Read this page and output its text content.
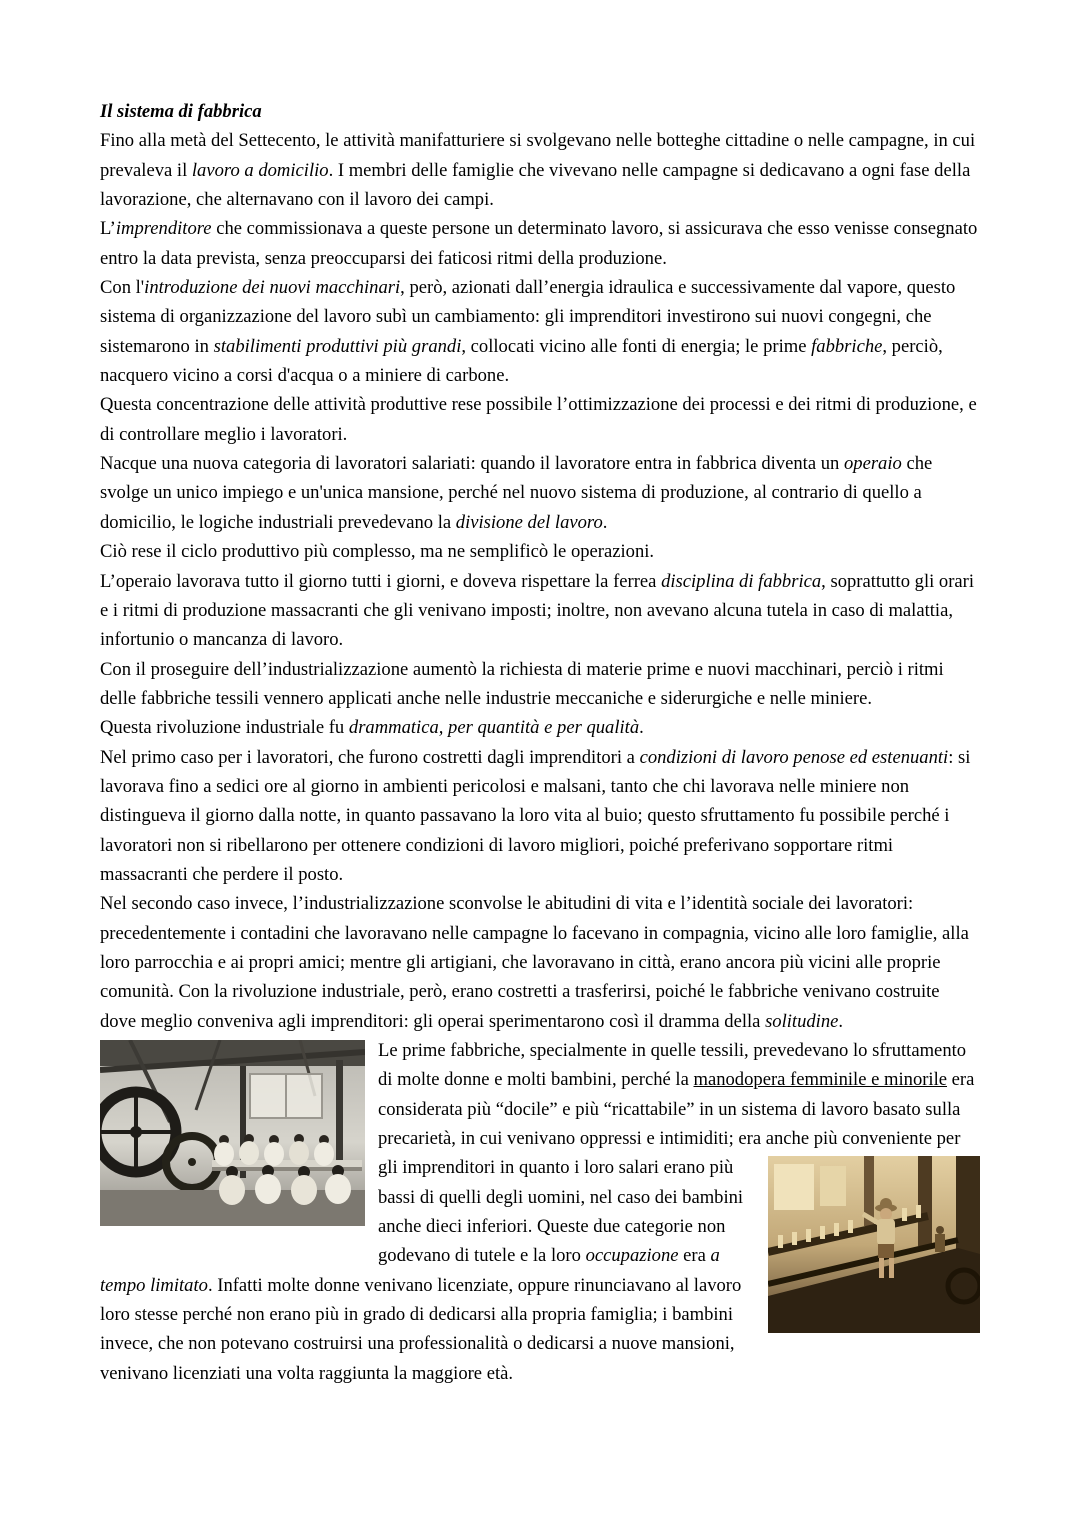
Il sistema di fabbrica

Fino alla metà del Settecento, le attività manifatturiere si svolgevano nelle botteghe cittadine o nelle campagne, in cui prevaleva il lavoro a domicilio. I membri delle famiglie che vivevano nelle campagne si dedicavano a ogni fase della lavorazione, che alternavano con il lavoro dei campi.

L’imprenditore che commissionava a queste persone un determinato lavoro, si assicurava che esso venisse consegnato entro la data prevista, senza preoccuparsi dei faticosi ritmi della produzione.

Con l'introduzione dei nuovi macchinari, però, azionati dall’energia idraulica e successivamente dal vapore, questo sistema di organizzazione del lavoro subì un cambiamento: gli imprenditori investirono sui nuovi congegni, che sistemarono in stabilimenti produttivi più grandi, collocati vicino alle fonti di energia; le prime fabbriche, perciò, nacquero vicino a corsi d'acqua o a miniere di carbone.

Questa concentrazione delle attività produttive rese possibile l’ottimizzazione dei processi e dei ritmi di produzione, e di controllare meglio i lavoratori.

Nacque una nuova categoria di lavoratori salariati: quando il lavoratore entra in fabbrica diventa un operaio che svolge un unico impiego e un'unica mansione, perché nel nuovo sistema di produzione, al contrario di quello a domicilio, le logiche industriali prevedevano la divisione del lavoro.

Ciò rese il ciclo produttivo più complesso, ma ne semplificò le operazioni.

L’operaio lavorava tutto il giorno tutti i giorni, e doveva rispettare la ferrea disciplina di fabbrica, soprattutto gli orari e i ritmi di produzione massacranti che gli venivano imposti; inoltre, non avevano alcuna tutela in caso di malattia, infortunio o mancanza di lavoro.

Con il proseguire dell’industrializzazione aumentò la richiesta di materie prime e nuovi macchinari, perciò i ritmi delle fabbriche tessili vennero applicati anche nelle industrie meccaniche e siderurgiche e nelle miniere.

Questa rivoluzione industriale fu drammatica, per quantità e per qualità.

Nel primo caso per i lavoratori, che furono costretti dagli imprenditori a condizioni di lavoro penose ed estenuanti: si lavorava fino a sedici ore al giorno in ambienti pericolosi e malsani, tanto che chi lavorava nelle miniere non distingueva il giorno dalla notte, in quanto passavano la loro vita al buio; questo sfruttamento fu possibile perché i lavoratori non si ribellarono per ottenere condizioni di lavoro migliori, poiché preferivano sopportare ritmi massacranti che perdere il posto.

Nel secondo caso invece, l’industrializzazione sconvolse le abitudini di vita e l’identità sociale dei lavoratori: precedentemente i contadini che lavoravano nelle campagne lo facevano in compagnia, vicino alle loro famiglie, alla loro parrocchia e ai propri amici; mentre gli artigiani, che lavoravano in città, erano ancora più vicini alle proprie comunità. Con la rivoluzione industriale, però, erano costretti a trasferirsi, poiché le fabbriche venivano costruite dove meglio conveniva agli imprenditori: gli operai sperimentarono così il dramma della solitudine.

Le prime fabbriche, specialmente in quelle tessili, prevedevano lo sfruttamento di molte donne e molti bambini, perché la manodopera femminile e minorile era considerata più “docile” e più “ricattabile” in un sistema di lavoro basato sulla precarietà, in cui venivano oppressi e intimiditi; era anche più conveniente per gli imprenditori
in quanto i loro salari erano più bassi di quelli degli uomini, nel caso dei bambini anche dieci inferiori. Queste due categorie non godevano di tutele e la loro occupazione era a tempo limitato. Infatti molte donne venivano licenziate, oppure rinunciavano al lavoro loro stesse perché non erano più in grado di dedicarsi alla propria famiglia; i bambini invece, che non potevano costruirsi una professionalità o dedicarsi a nuove mansioni, venivano licenziati una volta raggiunta la maggiore età.
